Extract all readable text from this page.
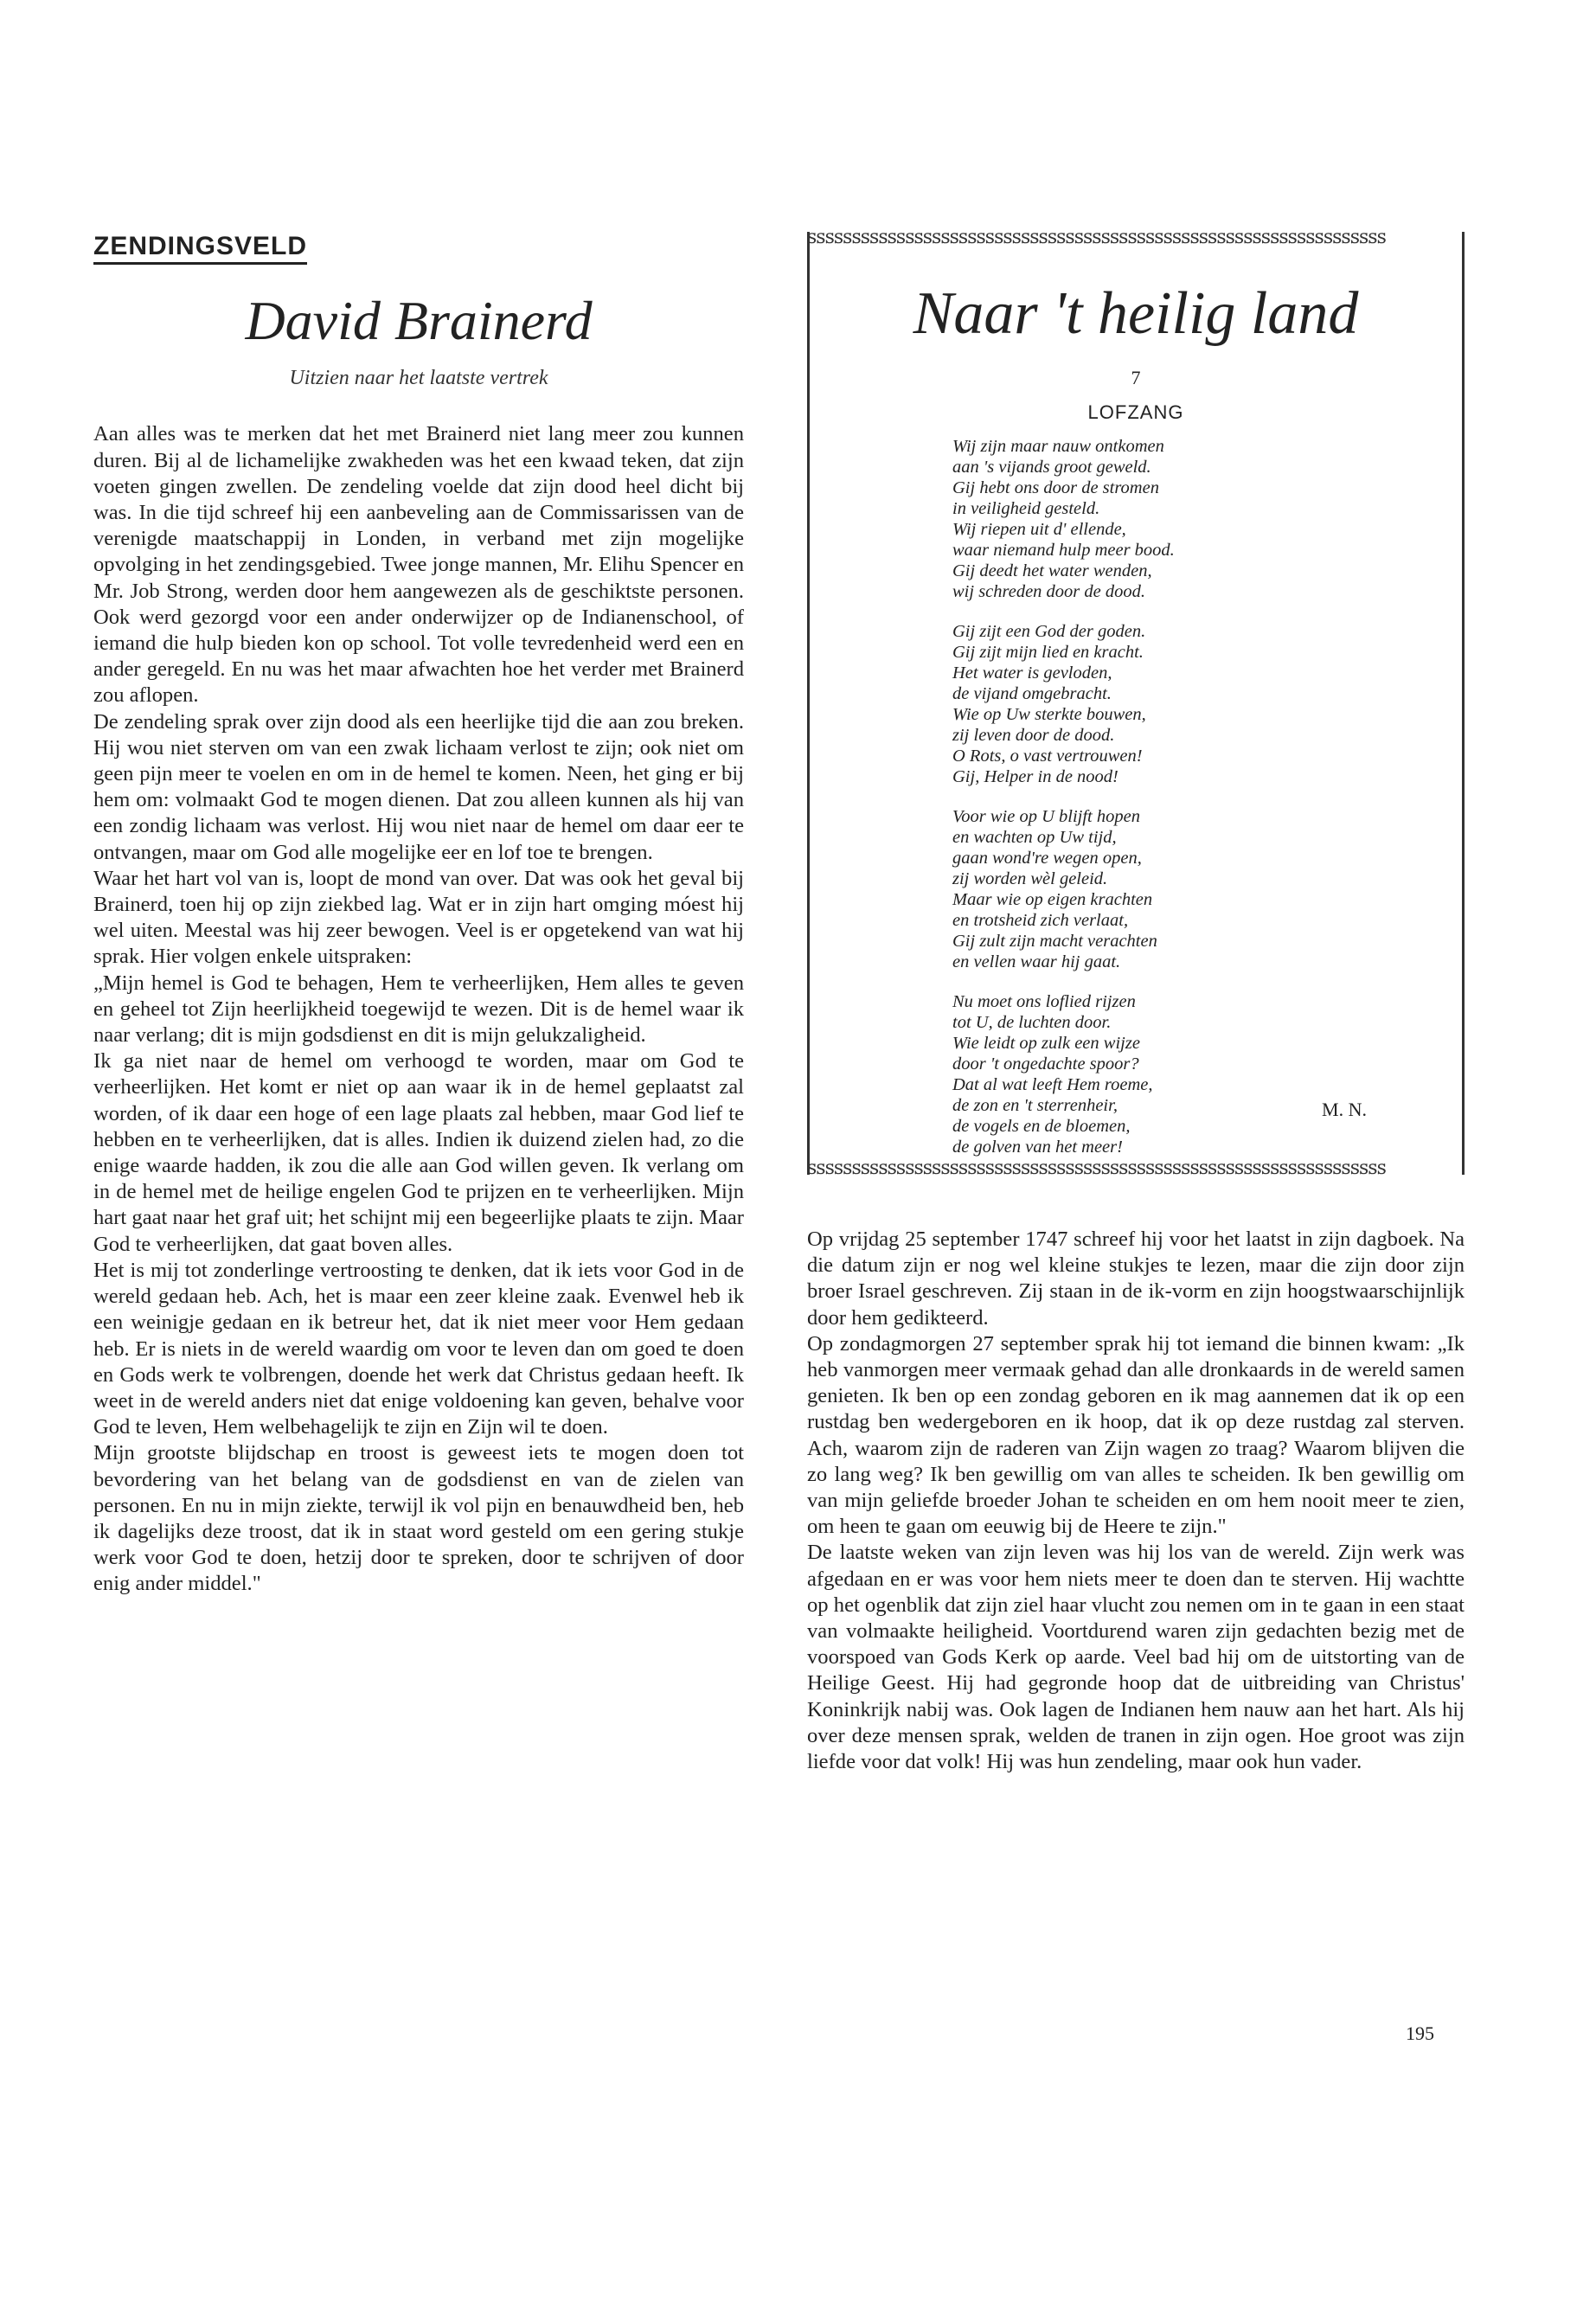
ZENDINGSVELD
David Brainerd
Uitzien naar het laatste vertrek

Aan alles was te merken dat het met Brainerd niet lang meer zou kunnen duren. Bij al de lichamelijke zwakheden was het een kwaad teken, dat zijn voeten gingen zwellen. De zendeling voelde dat zijn dood heel dicht bij was. In die tijd schreef hij een aanbeveling aan de Commissarissen van de verenigde maatschappij in Londen, in verband met zijn mogelijke opvolging in het zendingsgebied. Twee jonge mannen, Mr. Elihu Spencer en Mr. Job Strong, werden door hem aangewezen als de geschiktste personen. Ook werd gezorgd voor een ander onderwijzer op de Indianenschool, of iemand die hulp bieden kon op school. Tot volle tevredenheid werd een en ander geregeld. En nu was het maar afwachten hoe het verder met Brainerd zou aflopen.

De zendeling sprak over zijn dood als een heerlijke tijd die aan zou breken. Hij wou niet sterven om van een zwak lichaam verlost te zijn; ook niet om geen pijn meer te voelen en om in de hemel te komen. Neen, het ging er bij hem om: volmaakt God te mogen dienen. Dat zou alleen kunnen als hij van een zondig lichaam was verlost. Hij wou niet naar de hemel om daar eer te ontvangen, maar om God alle mogelijke eer en lof toe te brengen.

Waar het hart vol van is, loopt de mond van over. Dat was ook het geval bij Brainerd, toen hij op zijn ziekbed lag. Wat er in zijn hart omging móest hij wel uiten. Meestal was hij zeer bewogen. Veel is er opgetekend van wat hij sprak. Hier volgen enkele uitspraken:

„Mijn hemel is God te behagen, Hem te verheerlijken, Hem alles te geven en geheel tot Zijn heerlijkheid toegewijd te wezen. Dit is de hemel waar ik naar verlang; dit is mijn godsdienst en dit is mijn gelukzaligheid.

Ik ga niet naar de hemel om verhoogd te worden, maar om God te verheerlijken. Het komt er niet op aan waar ik in de hemel geplaatst zal worden, of ik daar een hoge of een lage plaats zal hebben, maar God lief te hebben en te verheerlijken, dat is alles. Indien ik duizend zielen had, zo die enige waarde hadden, ik zou die alle aan God willen geven. Ik verlang om in de hemel met de heilige engelen God te prijzen en te verheerlijken. Mijn hart gaat naar het graf uit; het schijnt mij een begeerlijke plaats te zijn. Maar God te verheerlijken, dat gaat boven alles.

Het is mij tot zonderlinge vertroosting te denken, dat ik iets voor God in de wereld gedaan heb. Ach, het is maar een zeer kleine zaak. Evenwel heb ik een weinigje gedaan en ik betreur het, dat ik niet meer voor Hem gedaan heb. Er is niets in de wereld waardig om voor te leven dan om goed te doen en Gods werk te volbrengen, doende het werk dat Christus gedaan heeft. Ik weet in de wereld anders niet dat enige voldoening kan geven, behalve voor God te leven, Hem welbehagelijk te zijn en Zijn wil te doen.

Mijn grootste blijdschap en troost is geweest iets te mogen doen tot bevordering van het belang van de godsdienst en van de zielen van personen. En nu in mijn ziekte, terwijl ik vol pijn en benauwdheid ben, heb ik dagelijks deze troost, dat ik in staat word gesteld om een gering stukje werk voor God te doen, hetzij door te spreken, door te schrijven of door enig ander middel."

ꜱꜱꜱꜱꜱꜱꜱꜱꜱꜱꜱꜱꜱꜱꜱꜱꜱꜱꜱꜱꜱꜱꜱꜱꜱꜱꜱꜱꜱꜱꜱꜱꜱꜱꜱꜱꜱꜱꜱꜱꜱꜱꜱꜱꜱꜱꜱꜱꜱꜱꜱꜱꜱꜱꜱꜱꜱꜱꜱꜱꜱꜱꜱꜱꜱ
Naar 't heilig land
7
LOFZANG
Wij zijn maar nauw ontkomen
aan 's vijands groot geweld.
Gij hebt ons door de stromen
in veiligheid gesteld.
Wij riepen uit d' ellende,
waar niemand hulp meer bood.
Gij deedt het water wenden,
wij schreden door de dood.
Gij zijt een God der goden.
Gij zijt mijn lied en kracht.
Het water is gevloden,
de vijand omgebracht.
Wie op Uw sterkte bouwen,
zij leven door de dood.
O Rots, o vast vertrouwen!
Gij, Helper in de nood!
Voor wie op U blijft hopen
en wachten op Uw tijd,
gaan wond're wegen open,
zij worden wèl geleid.
Maar wie op eigen krachten
en trotsheid zich verlaat,
Gij zult zijn macht verachten
en vellen waar hij gaat.
Nu moet ons loflied rijzen
tot U, de luchten door.
Wie leidt op zulk een wijze
door 't ongedachte spoor?
Dat al wat leeft Hem roeme,
de zon en 't sterrenheir,
de vogels en de bloemen,
de golven van het meer!
M. N.
ꜱꜱꜱꜱꜱꜱꜱꜱꜱꜱꜱꜱꜱꜱꜱꜱꜱꜱꜱꜱꜱꜱꜱꜱꜱꜱꜱꜱꜱꜱꜱꜱꜱꜱꜱꜱꜱꜱꜱꜱꜱꜱꜱꜱꜱꜱꜱꜱꜱꜱꜱꜱꜱꜱꜱꜱꜱꜱꜱꜱꜱꜱꜱꜱꜱ

Op vrijdag 25 september 1747 schreef hij voor het laatst in zijn dagboek. Na die datum zijn er nog wel kleine stukjes te lezen, maar die zijn door zijn broer Israel geschreven. Zij staan in de ik-vorm en zijn hoogstwaarschijnlijk door hem gedikteerd.

Op zondagmorgen 27 september sprak hij tot iemand die binnen kwam: „Ik heb vanmorgen meer vermaak gehad dan alle dronkaards in de wereld samen genieten. Ik ben op een zondag geboren en ik mag aannemen dat ik op een rustdag ben wedergeboren en ik hoop, dat ik op deze rustdag zal sterven. Ach, waarom zijn de raderen van Zijn wagen zo traag? Waarom blijven die zo lang weg? Ik ben gewillig om van alles te scheiden. Ik ben gewillig om van mijn geliefde broeder Johan te scheiden en om hem nooit meer te zien, om heen te gaan om eeuwig bij de Heere te zijn."

De laatste weken van zijn leven was hij los van de wereld. Zijn werk was afgedaan en er was voor hem niets meer te doen dan te sterven. Hij wachtte op het ogenblik dat zijn ziel haar vlucht zou nemen om in te gaan in een staat van volmaakte heiligheid. Voortdurend waren zijn gedachten bezig met de voorspoed van Gods Kerk op aarde. Veel bad hij om de uitstorting van de Heilige Geest. Hij had gegronde hoop dat de uitbreiding van Christus' Koninkrijk nabij was. Ook lagen de Indianen hem nauw aan het hart. Als hij over deze mensen sprak, welden de tranen in zijn ogen. Hoe groot was zijn liefde voor dat volk! Hij was hun zendeling, maar ook hun vader.

195
